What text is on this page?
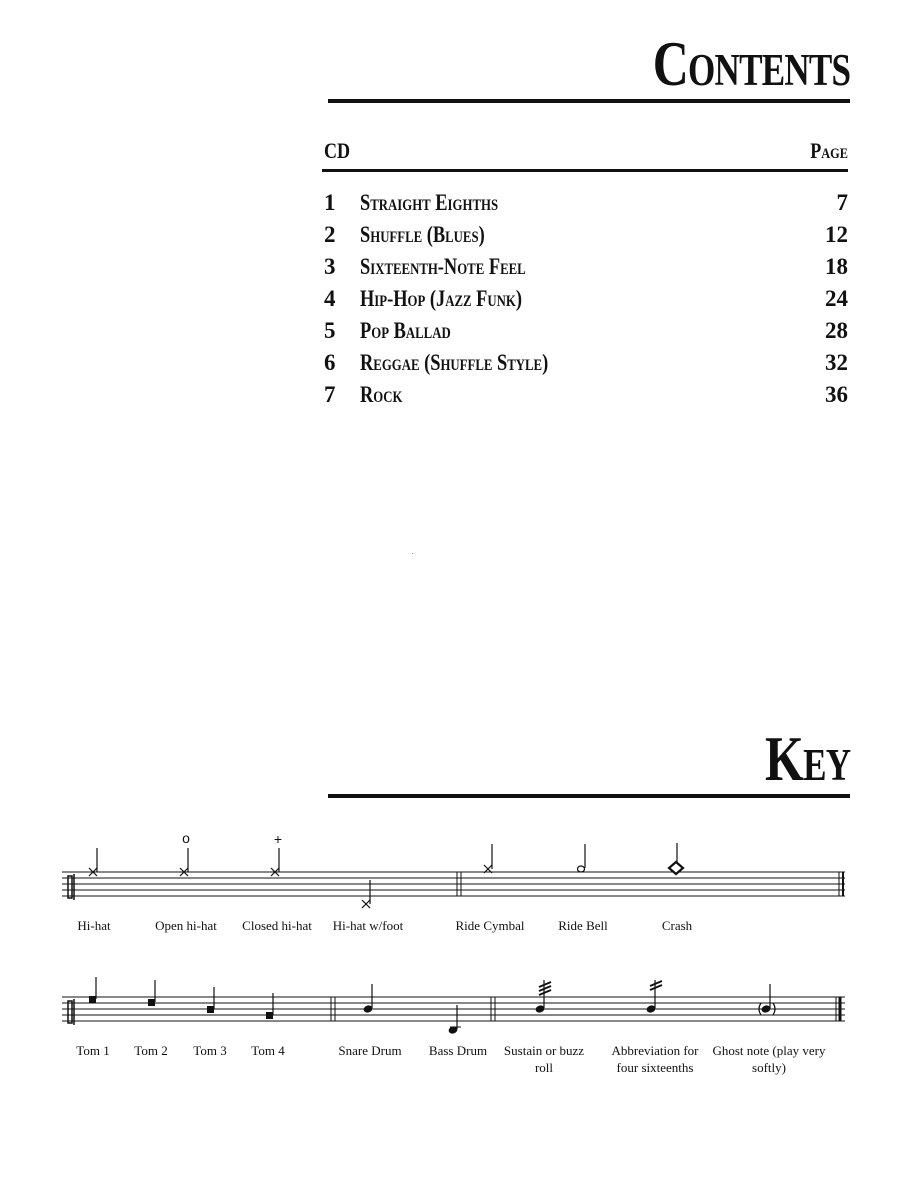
Contents
CD	Page
1 Straight Eighths	7
2 Shuffle (Blues)	12
3 Sixteenth-Note Feel	18
4 Hip-Hop (Jazz Funk)	24
5 Pop Ballad	28
6 Reggae (Shuffle Style)	32
7 Rock	36
Key
o	+
Hi-hat	Open hi-hat	Closed hi-hat	Hi-hat w/foot	Ride Cymbal	Ride Bell	Crash
Tom 1	Tom 2	Tom 3	Tom 4	Snare Drum	Bass Drum	Sustain or buzz roll
Abbreviation for four sixteenths
Ghost note (play very softly)
